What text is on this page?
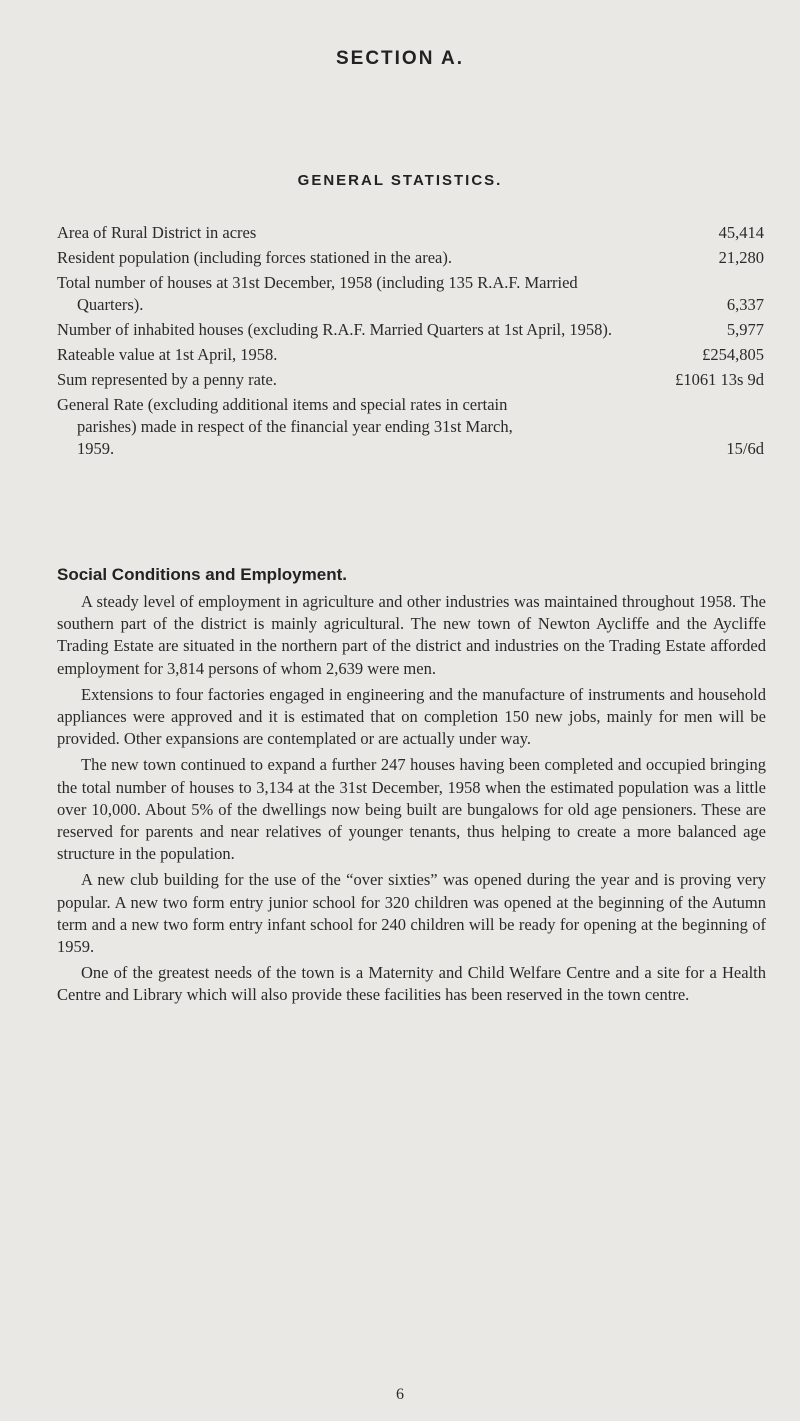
SECTION A.
GENERAL STATISTICS.
Area of Rural District in acres	45,414
Resident population (including forces stationed in the area).	21,280
Total number of houses at 31st December, 1958 (including 135 R.A.F. Married Quarters).	6,337
Number of inhabited houses (excluding R.A.F. Married Quarters at 1st April, 1958).	5,977
Rateable value at 1st April, 1958.	£254,805
Sum represented by a penny rate.	£1061 13s 9d
General Rate (excluding additional items and special rates in certain parishes) made in respect of the financial year ending 31st March, 1959.	15/6d
Social Conditions and Employment.

A steady level of employment in agriculture and other industries was maintained throughout 1958. The southern part of the district is mainly agricultural. The new town of Newton Aycliffe and the Aycliffe Trading Estate are situated in the northern part of the district and industries on the Trading Estate afforded employment for 3,814 persons of whom 2,639 were men.

Extensions to four factories engaged in engineering and the manufacture of instruments and household appliances were approved and it is estimated that on completion 150 new jobs, mainly for men will be provided. Other expansions are contemplated or are actually under way.

The new town continued to expand a further 247 houses having been completed and occupied bringing the total number of houses to 3,134 at the 31st December, 1958 when the estimated population was a little over 10,000. About 5% of the dwellings now being built are bungalows for old age pensioners. These are reserved for parents and near relatives of younger tenants, thus helping to create a more balanced age structure in the population.

A new club building for the use of the “over sixties” was opened during the year and is proving very popular. A new two form entry junior school for 320 children was opened at the beginning of the Autumn term and a new two form entry infant school for 240 children will be ready for opening at the beginning of 1959.

One of the greatest needs of the town is a Maternity and Child Welfare Centre and a site for a Health Centre and Library which will also provide these facilities has been reserved in the town centre.

6
